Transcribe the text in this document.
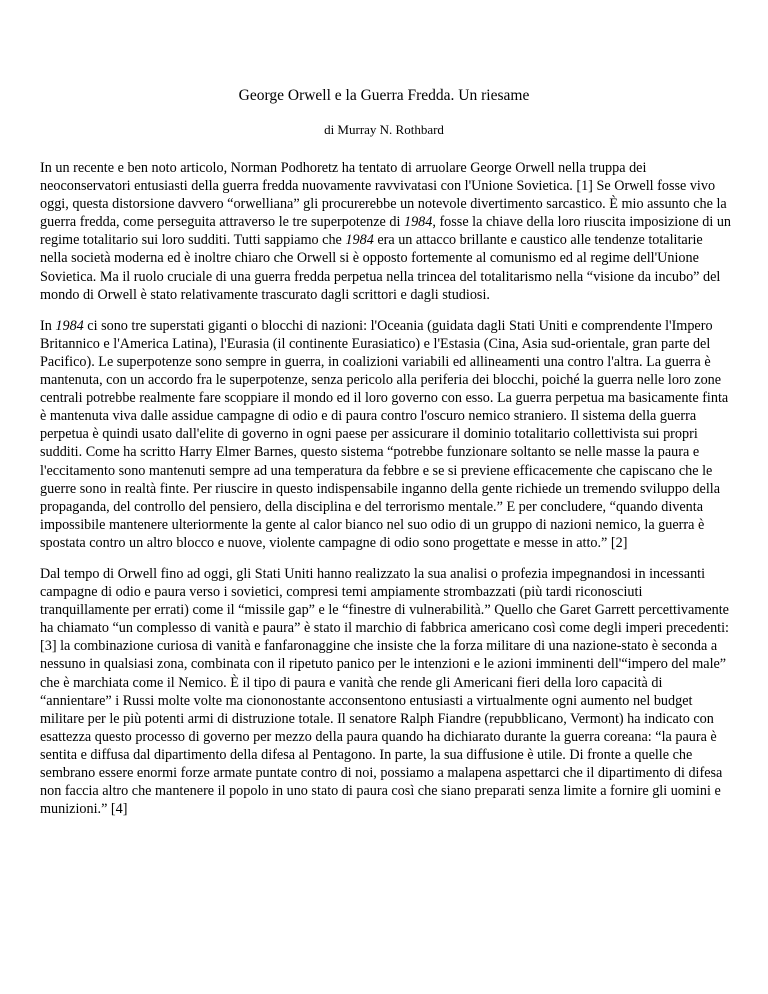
George Orwell e la Guerra Fredda. Un riesame
di Murray N. Rothbard

In un recente e ben noto articolo, Norman Podhoretz ha tentato di arruolare George Orwell nella truppa dei neoconservatori entusiasti della guerra fredda nuovamente ravvivatasi con l'Unione Sovietica. [1] Se Orwell fosse vivo oggi, questa distorsione davvero “orwelliana” gli procurerebbe un notevole divertimento sarcastico. È mio assunto che la guerra fredda, come perseguita attraverso le tre superpotenze di 1984, fosse la chiave della loro riuscita imposizione di un regime totalitario sui loro sudditi. Tutti sappiamo che 1984 era un attacco brillante e caustico alle tendenze totalitarie nella società moderna ed è inoltre chiaro che Orwell si è opposto fortemente al comunismo ed al regime dell'Unione Sovietica. Ma il ruolo cruciale di una guerra fredda perpetua nella trincea del totalitarismo nella “visione da incubo” del mondo di Orwell è stato relativamente trascurato dagli scrittori e dagli studiosi.

In 1984 ci sono tre superstati giganti o blocchi di nazioni: l'Oceania (guidata dagli Stati Uniti e comprendente l'Impero Britannico e l'America Latina), l'Eurasia (il continente Eurasiatico) e l'Estasia (Cina, Asia sud-orientale, gran parte del Pacifico). Le superpotenze sono sempre in guerra, in coalizioni variabili ed allineamenti una contro l'altra. La guerra è mantenuta, con un accordo fra le superpotenze, senza pericolo alla periferia dei blocchi, poiché la guerra nelle loro zone centrali potrebbe realmente fare scoppiare il mondo ed il loro governo con esso. La guerra perpetua ma basicamente finta è mantenuta viva dalle assidue campagne di odio e di paura contro l'oscuro nemico straniero. Il sistema della guerra perpetua è quindi usato dall'elite di governo in ogni paese per assicurare il dominio totalitario collettivista sui propri sudditi. Come ha scritto Harry Elmer Barnes, questo sistema “potrebbe funzionare soltanto se nelle masse la paura e l'eccitamento sono mantenuti sempre ad una temperatura da febbre e se si previene efficacemente che capiscano che le guerre sono in realtà finte. Per riuscire in questo indispensabile inganno della gente richiede un tremendo sviluppo della propaganda, del controllo del pensiero, della disciplina e del terrorismo mentale.” E per concludere, “quando diventa impossibile mantenere ulteriormente la gente al calor bianco nel suo odio di un gruppo di nazioni nemico, la guerra è spostata contro un altro blocco e nuove, violente campagne di odio sono progettate e messe in atto.” [2]

Dal tempo di Orwell fino ad oggi, gli Stati Uniti hanno realizzato la sua analisi o profezia impegnandosi in incessanti campagne di odio e paura verso i sovietici, compresi temi ampiamente strombazzati (più tardi riconosciuti tranquillamente per errati) come il “missile gap” e le “finestre di vulnerabilità.” Quello che Garet Garrett percettivamente ha chiamato “un complesso di vanità e paura” è stato il marchio di fabbrica americano così come degli imperi precedenti: [3] la combinazione curiosa di vanità e fanfaronaggine che insiste che la forza militare di una nazione-stato è seconda a nessuno in qualsiasi zona, combinata con il ripetuto panico per le intenzioni e le azioni imminenti dell'“impero del male” che è marchiata come il Nemico. È il tipo di paura e vanità che rende gli Americani fieri della loro capacità di “annientare” i Russi molte volte ma ciononostante acconsentono entusiasti a virtualmente ogni aumento nel budget militare per le più potenti armi di distruzione totale. Il senatore Ralph Fiandre (repubblicano, Vermont) ha indicato con esattezza questo processo di governo per mezzo della paura quando ha dichiarato durante la guerra coreana: “la paura è sentita e diffusa dal dipartimento della difesa al Pentagono. In parte, la sua diffusione è utile. Di fronte a quelle che sembrano essere enormi forze armate puntate contro di noi, possiamo a malapena aspettarci che il dipartimento di difesa non faccia altro che mantenere il popolo in uno stato di paura così che siano preparati senza limite a fornire gli uomini e munizioni.” [4]
